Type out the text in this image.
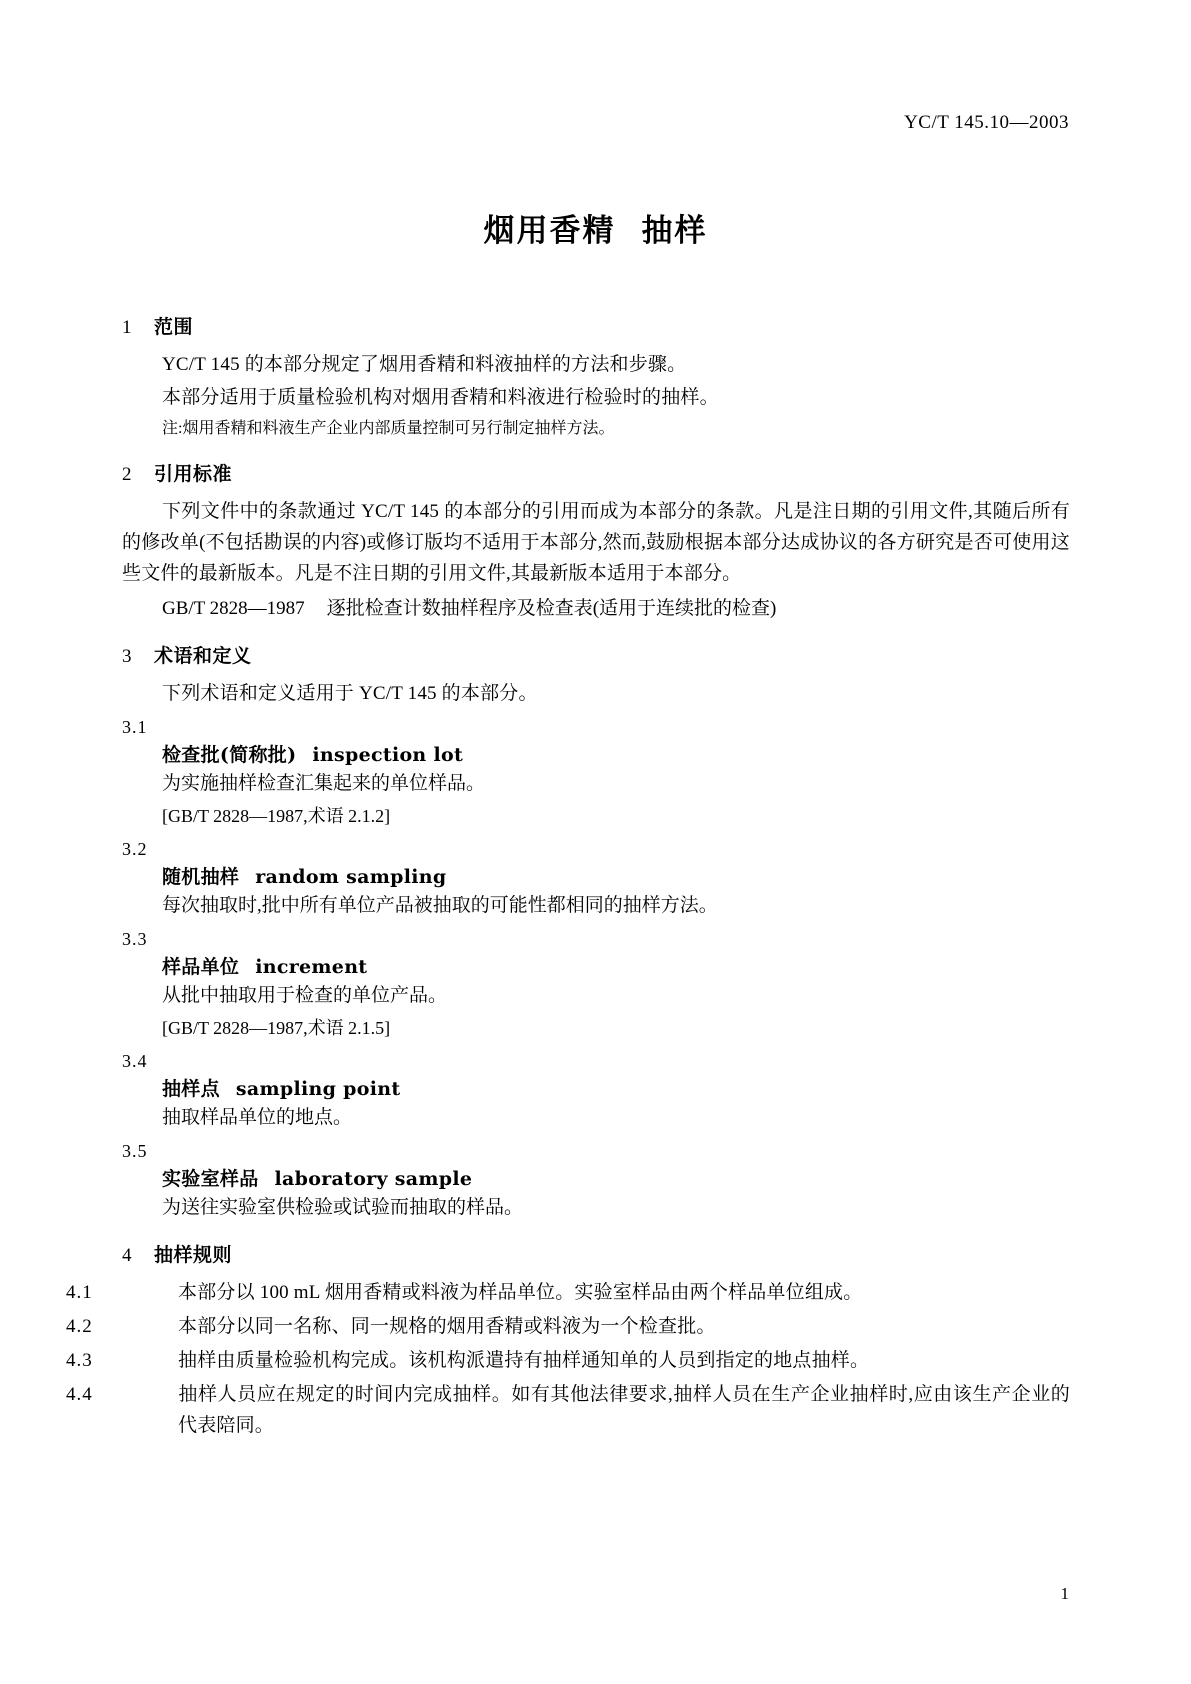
YC/T 145.10—2003
烟用香精 抽样
1 范围
YC/T 145 的本部分规定了烟用香精和料液抽样的方法和步骤。
本部分适用于质量检验机构对烟用香精和料液进行检验时的抽样。
注:烟用香精和料液生产企业内部质量控制可另行制定抽样方法。
2 引用标准
下列文件中的条款通过 YC/T 145 的本部分的引用而成为本部分的条款。凡是注日期的引用文件,其随后所有的修改单(不包括勘误的内容)或修订版均不适用于本部分,然而,鼓励根据本部分达成协议的各方研究是否可使用这些文件的最新版本。凡是不注日期的引用文件,其最新版本适用于本部分。
GB/T 2828—1987 逐批检查计数抽样程序及检查表(适用于连续批的检查)
3 术语和定义
下列术语和定义适用于 YC/T 145 的本部分。
3.1
检查批(简称批) inspection lot
为实施抽样检查汇集起来的单位样品。
[GB/T 2828—1987,术语 2.1.2]
3.2
随机抽样 random sampling
每次抽取时,批中所有单位产品被抽取的可能性都相同的抽样方法。
3.3
样品单位 increment
从批中抽取用于检查的单位产品。
[GB/T 2828—1987,术语 2.1.5]
3.4
抽样点 sampling point
抽取样品单位的地点。
3.5
实验室样品 laboratory sample
为送往实验室供检验或试验而抽取的样品。
4 抽样规则
4.1	本部分以 100 mL 烟用香精或料液为样品单位。实验室样品由两个样品单位组成。
4.2	本部分以同一名称、同一规格的烟用香精或料液为一个检查批。
4.3	抽样由质量检验机构完成。该机构派遣持有抽样通知单的人员到指定的地点抽样。
4.4	抽样人员应在规定的时间内完成抽样。如有其他法律要求,抽样人员在生产企业抽样时,应由该生产企业的代表陪同。
1
